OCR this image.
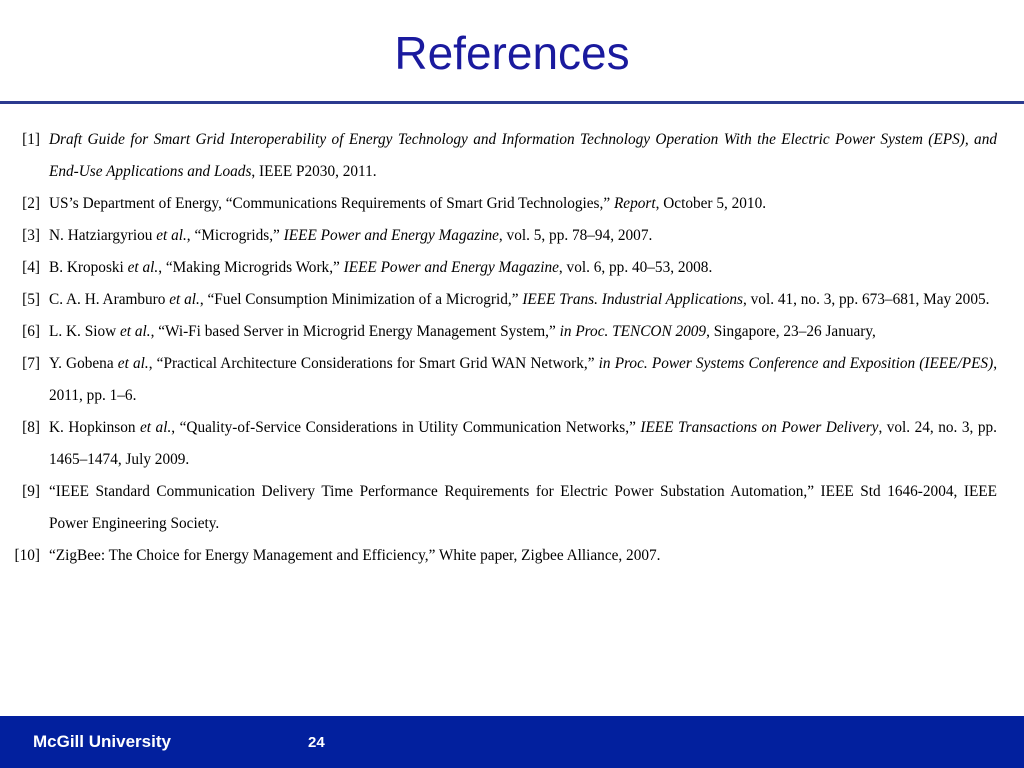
References
[1] Draft Guide for Smart Grid Interoperability of Energy Technology and Information Technology Operation With the Electric Power System (EPS), and End-Use Applications and Loads, IEEE P2030, 2011.
[2] US’s Department of Energy, “Communications Requirements of Smart Grid Technologies,” Report, October 5, 2010.
[3] N. Hatziargyriou et al., “Microgrids,” IEEE Power and Energy Magazine, vol. 5, pp. 78–94, 2007.
[4] B. Kroposki et al., “Making Microgrids Work,” IEEE Power and Energy Magazine, vol. 6, pp. 40–53, 2008.
[5] C. A. H. Aramburo et al., “Fuel Consumption Minimization of a Microgrid,” IEEE Trans. Industrial Applications, vol. 41, no. 3, pp. 673–681, May 2005.
[6] L. K. Siow et al., “Wi-Fi based Server in Microgrid Energy Management System,” in Proc. TENCON 2009, Singapore, 23–26 January,
[7] Y. Gobena et al., “Practical Architecture Considerations for Smart Grid WAN Network,” in Proc. Power Systems Conference and Exposition (IEEE/PES), 2011, pp. 1–6.
[8] K. Hopkinson et al., “Quality-of-Service Considerations in Utility Communication Networks,” IEEE Transactions on Power Delivery, vol. 24, no. 3, pp. 1465–1474, July 2009.
[9] “IEEE Standard Communication Delivery Time Performance Requirements for Electric Power Substation Automation,” IEEE Std 1646-2004, IEEE Power Engineering Society.
[10] “ZigBee: The Choice for Energy Management and Efficiency,” White paper, Zigbee Alliance, 2007.
McGill University	24
